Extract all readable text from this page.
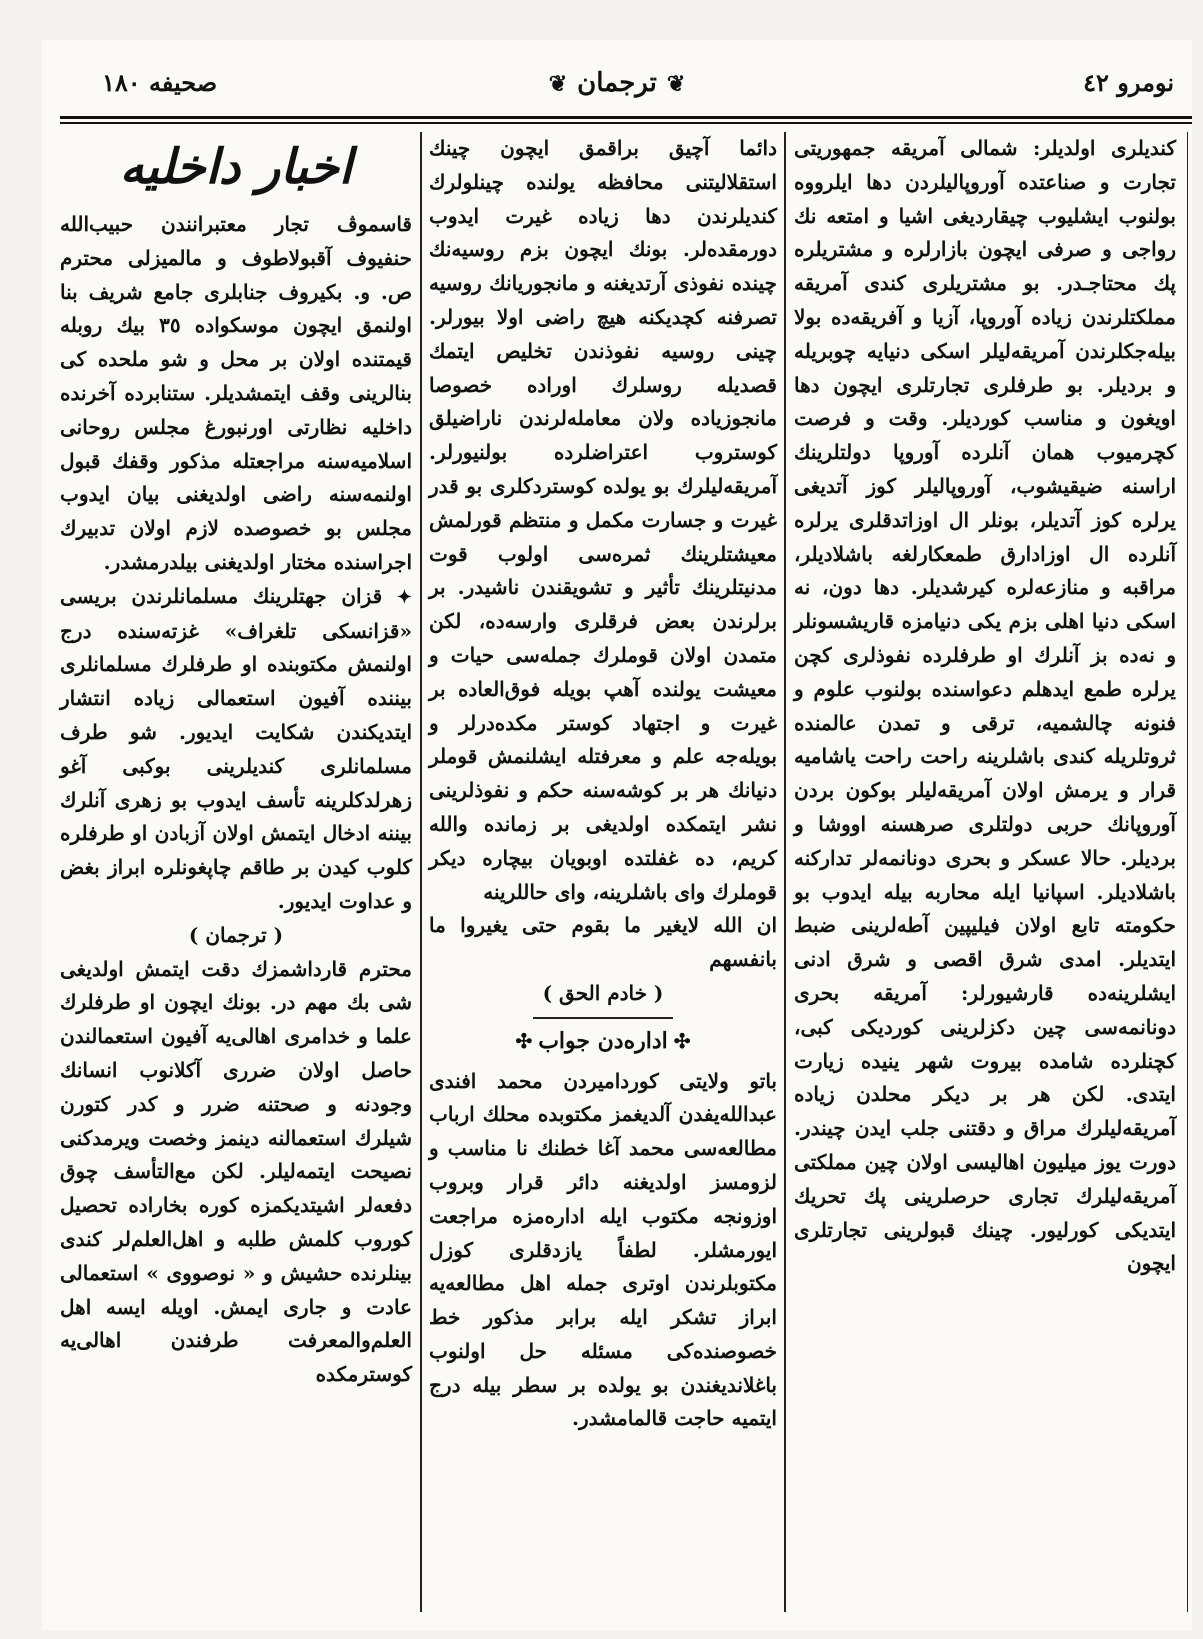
نومرو ٤٢
❦ترجمان❦
صحیفه ١٨٠

کندیلری اولدیلر: شمالی آمریقه جمهوریتی تجارت و صناعتده آوروپالیلردن دها ایلرووه بولنوب ایشلیوب چیقاردیغی اشیا و امتعه نك رواجی و صرفی ایچون بازارلره و مشتریلره پك محتاجـدر. بو مشتریلری کندی آمریقه مملکتلرندن زیاده آوروپا، آزیا و آفریقه‌ده بولا بیله‌جکلرندن آمریقه‌لیلر اسکی دنیایه چوبریله و بردیلر. بو طرفلری تجارتلری ایچون دها اویغون و مناسب کوردیلر. وقت و فرصت کچرمیوب همان آنلرده آوروپا دولتلرینك اراسنه ضیقیشوب، آوروپالیلر کوز آتدیغی یرلره کوز آتدیلر، بونلر ال اوزاتدقلری یرلره آنلرده ال اوزادارق طمعکارلغه باشلادیلر، مراقبه و منازعه‌لره کیرشدیلر. دها دون، نه اسکی دنیا اهلی بزم یکی دنیامزه قاریشسونلر و نه‌ده بز آنلرك او طرفلرده نفوذلری کچن یرلره طمع ایدهلم دعواسنده بولنوب علوم و فنونه چالشمیه، ترقی و تمدن عالمنده ثروتلریله کندی باشلرینه راحت راحت یاشامیه قرار و یرمش اولان آمریقه‌لیلر بوکون بردن آوروپانك حربی دولتلری صرهسنه اووشا و بردیلر. حالا عسکر و بحری دونانمه‌لر تدارکنه باشلادیلر. اسپانیا ایله محاربه بیله ایدوب بو حکومته تابع اولان فیلیپین آطه‌لرینی ضبط ایتدیلر. امدی شرق اقصی و شرق ادنی ایشلرینه‌ده قارشیورلر: آمریقه بحری دونانمه‌سی چین دکزلرینی کوردیکی کبی، کچنلرده شامده بیروت شهر ینیده زیارت ایتدی. لکن هر بر دیکر محلدن زیاده آمریقه‌لیلرك مراق و دقتنی جلب ایدن چیندر. دورت یوز میلیون اهالیسی اولان چین مملکتی آمریقه‌لیلرك تجاری حرصلرینی پك تحریك ایتدیکی کورلیور. چینك قبولرینی تجارتلری ایچون

دائما آچیق براقمق ایچون چینك استقلالیتنی محافظه یولنده چینلولرك کندیلرندن دها زیاده غیرت ایدوب دورمقده‌لر. بونك ایچون بزم روسیه‌نك چینده نفوذی آرتدیغنه و مانجوریانك روسیه تصرفنه کچدیکنه هیچ راضی اولا بیورلر. چینی روسیه نفوذندن تخلیص ایتمك قصدیله روسلرك اورادە خصوصا مانجوزیادە ولان معامله‌لرندن ناراضیلق کوستروب اعتراضلرده بولنیورلر. آمریقه‌لیلرك بو یولده کوستردکلری بو قدر غیرت و جسارت مکمل و منتظم قورلمش معیشتلرینك ثمره‌سی اولوب قوت مدنیتلرینك تأثیر و تشویقندن ناشیدر. بر برلرندن بعض فرقلری وارسه‌ده، لکن متمدن اولان قوملرك جمله‌سی حیات و معیشت یولنده آهپ بویله فوق‌العاده بر غیرت و اجتهاد کوستر مکده‌درلر و بویله‌جه علم و معرفتله ایشلنمش قوملر دنیانك هر بر کوشه‌سنه حکم و نفوذلرینی نشر ایتمکده اولدیغی بر زمانده والله کریم، ده غفلتده اوبویان بیچاره دیکر قوملرك وای باشلرینه، وای حاللرینه

ان الله لایغیر ما بقوم حتی یغیروا ما بانفسهم

( خادم الحق )

✣ادارەدن جواب✣

باتو ولایتی کوردامیردن محمد افندی عبدالله‌یفدن آلدیغمز مکتوبده محلك ارباب مطالعه‌سی محمد آغا خطنك نا مناسب و لزومسز اولدیغنه دائر قرار وبروب اوزونجه مکتوب ایله ادارەمزه مراجعت ایورمشلر. لطفاً یازدقلری کوزل مکتوبلرندن اوتری جمله اهل مطالعه‌یه ابراز تشکر ایله برابر مذکور خط خصوصنده‌کی مسئله حل اولنوب باغلاندیغندن بو یولده بر سطر بیله درج ایتمیه حاجت قالمامشدر.

اخبار داخلیه

قاسموڤ تجار معتبرانندن حبیب‌الله حنفیوف آقبولاطوف و مالمیزلی محترم ص. و. بکیروف جنابلری جامع شریف بنا اولنمق ایچون موسکواده ٣٥ بیك روبله قیمتنده اولان بر محل و شو ملحده کی بنالرینی وقف ایتمشدیلر. ستنابرده آخرنده داخلیه نظارتی اورنبورغ مجلس روحانی اسلامیه‌سنه مراجعتله مذکور وقفك قبول اولنمه‌سنه راضی اولدیغنی بیان ایدوب مجلس بو خصوصده لازم اولان تدبیرك اجراسنده مختار اولدیغنی بیلدرمشدر.

✦ قزان جهتلرینك مسلمانلرندن بریسی «قزانسکی تلغراف» غزته‌سنده درج اولنمش مکتوبنده او طرفلرك مسلمانلری بیننده آفیون استعمالی زیاده انتشار ایتدیکندن شکایت ایدیور. شو طرف مسلمانلری کندیلرینی بوکبی آغو زهرلدکلرینه تأسف ایدوب بو زهری آنلرك بیننه ادخال ایتمش اولان آزبادن او طرفلره کلوب کیدن بر طاقم چاپغونلره ابراز بغض و عداوت ایدیور.

( ترجمان )

محترم قارداشمزك دقت ایتمش اولدیغی شی بك مهم در. بونك ایچون او طرفلرك علما و خدامری اهالی‌یه آفیون استعمالندن حاصل اولان ضرری آکلانوب انسانك وجودنه و صحتنه ضرر و کدر کتورن شیلرك استعمالنه دینمز وخصت ویرمدکنی نصیحت ایتمه‌لیلر. لکن مع‌التأسف چوق دفعه‌لر اشیتدیکمزه کوره بخاراده تحصیل کوروب کلمش طلبه و اهل‌العلم‌لر کندی بینلرنده حشیش و « نوصووی » استعمالی عادت و جاری ایمش. اویله ایسه اهل العلم‌والمعرفت طرفندن اهالی‌یه کوسترمکده
